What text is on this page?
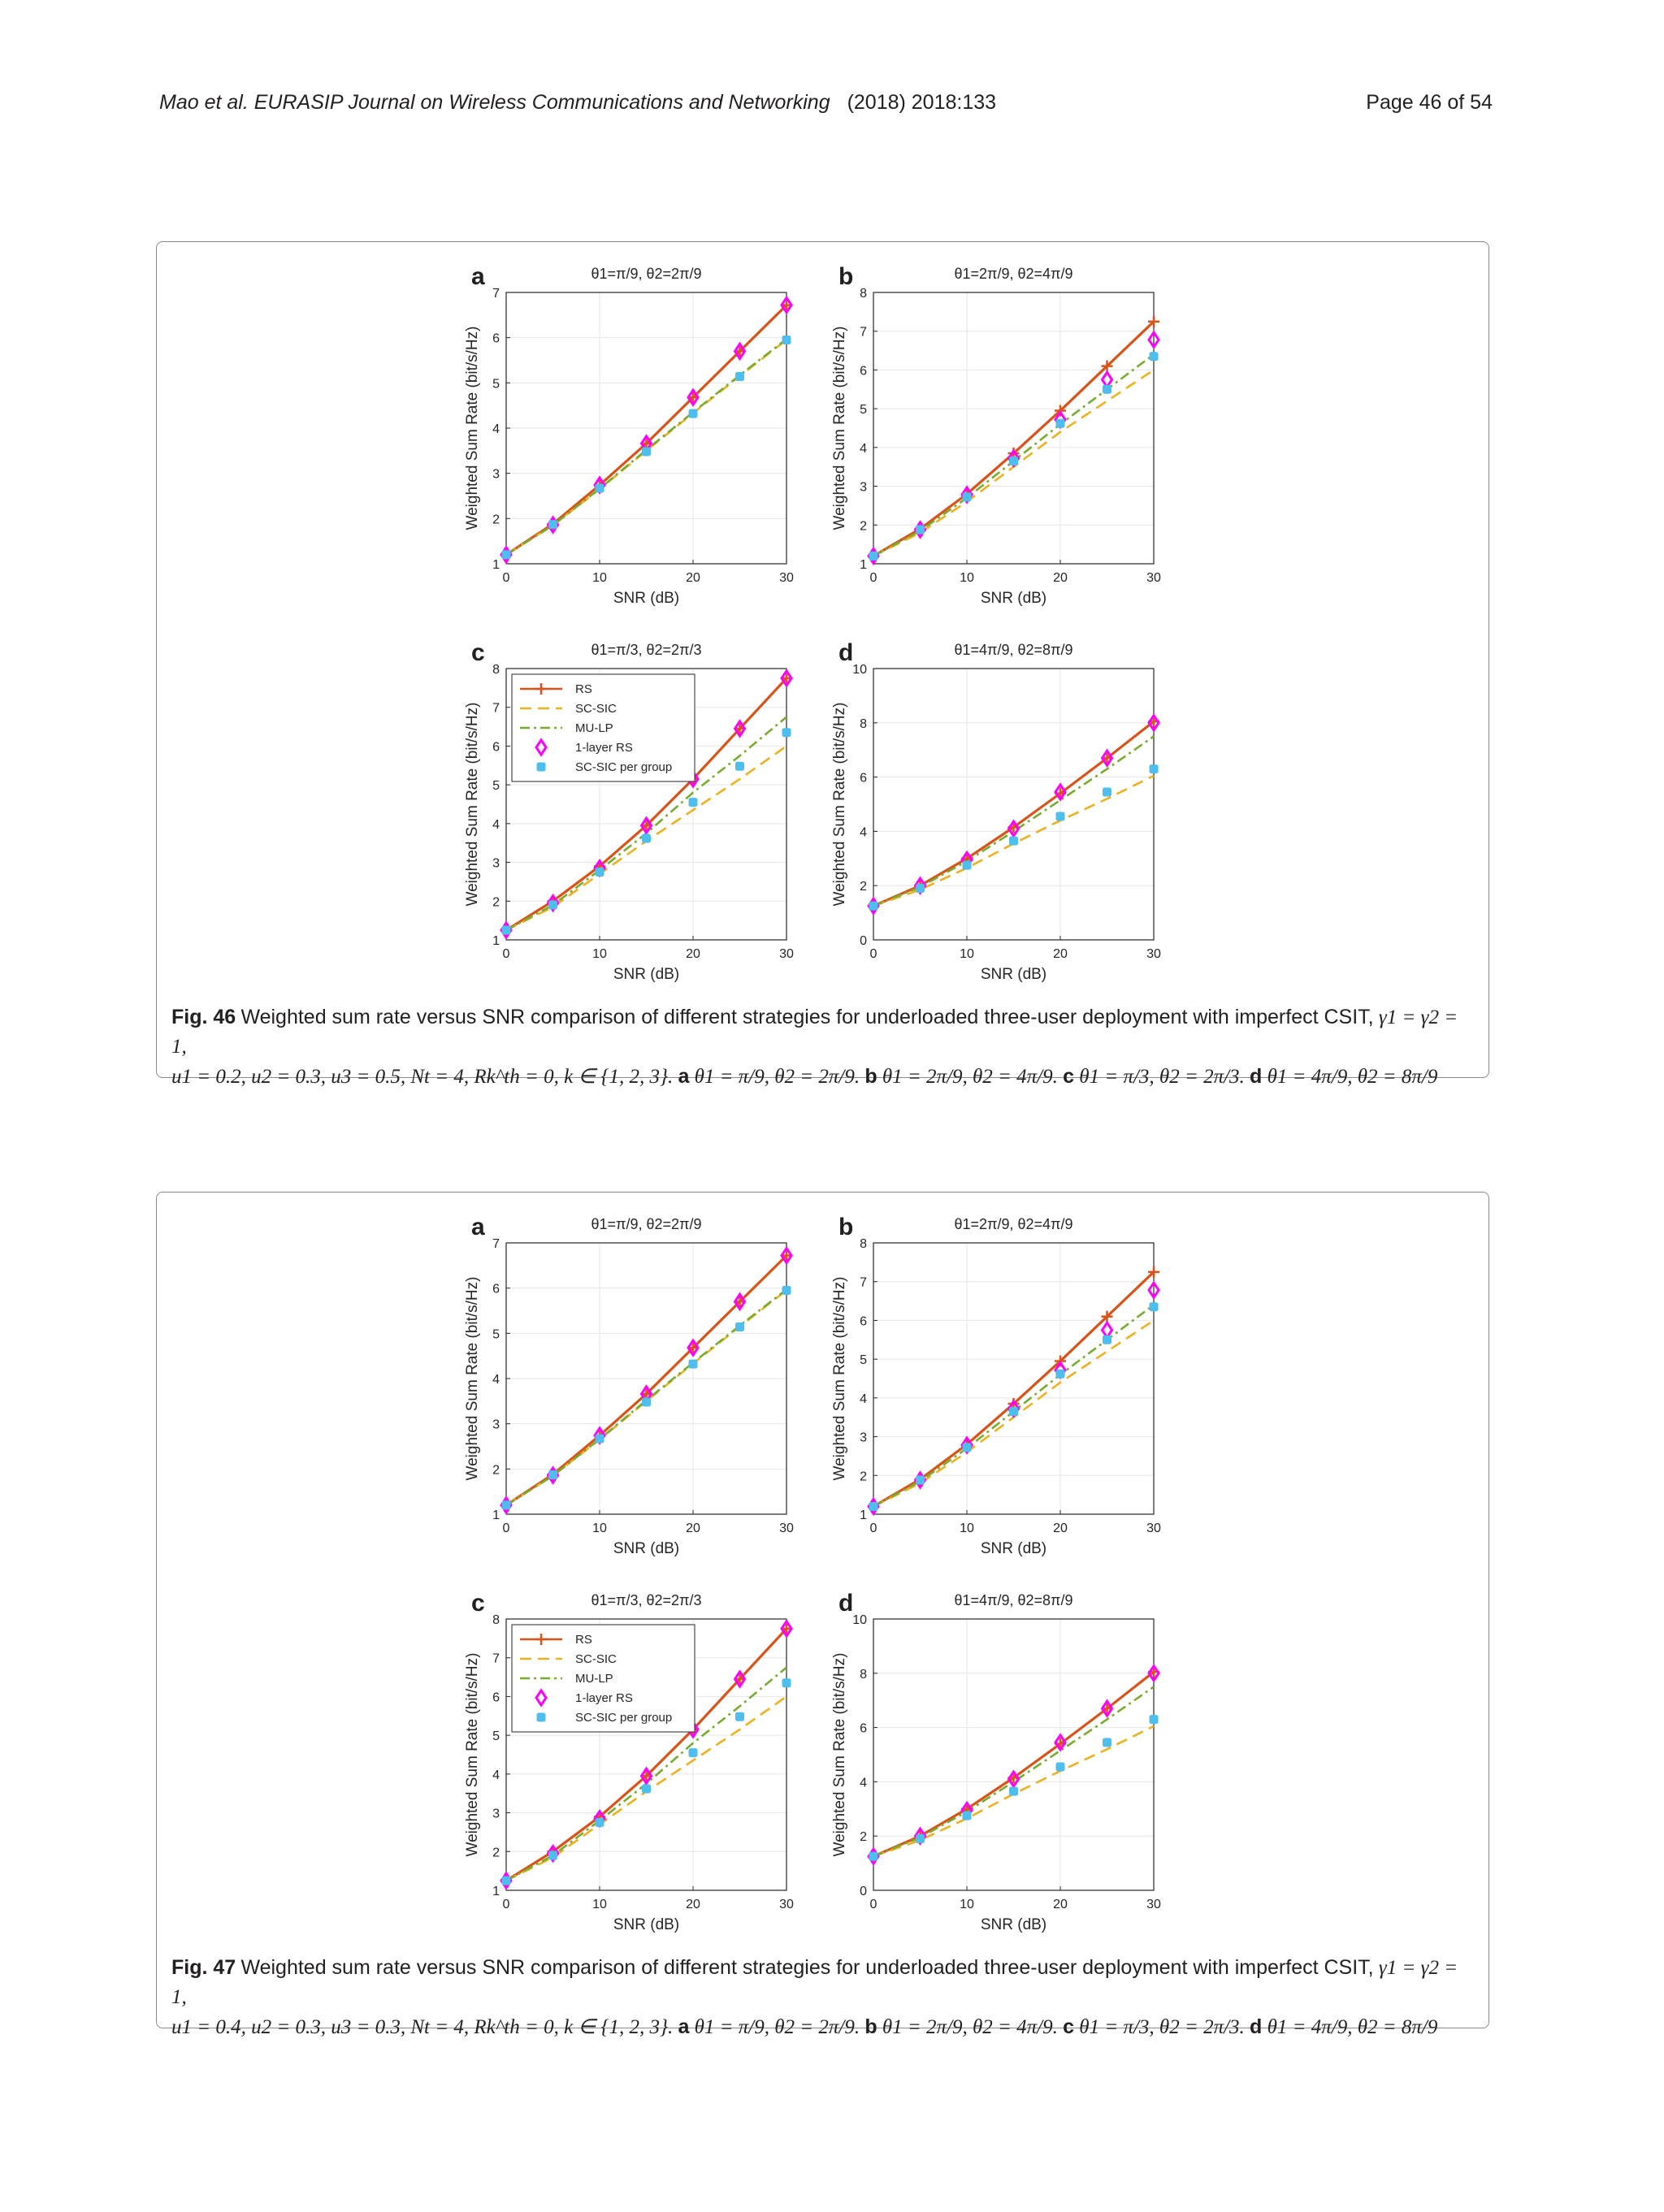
Mao et al. EURASIP Journal on Wireless Communications and Networking (2018) 2018:133	Page 46 of 54
1
2
3
4
5
6
7
0	10	20	30
SNR (dB)
Weighted Sum Rate (bit/s/Hz)
θ1=π/9, θ2=2π/9
a
1
2
3
4
5
6
7
8
0	10	20	30
SNR (dB)
Weighted Sum Rate (bit/s/Hz)
θ1=2π/9, θ2=4π/9
b
1
2
3
4
5
6
7
8
0	10	20	30
SNR (dB)
Weighted Sum Rate (bit/s/Hz)
θ1=π/3, θ2=2π/3
c
RS
SC-SIC
MU-LP
1-layer RS
SC-SIC per group
0
2
4
6
8
10
0	10	20	30
SNR (dB)
Weighted Sum Rate (bit/s/Hz)
θ1=4π/9, θ2=8π/9
d
Fig. 46 Weighted sum rate versus SNR comparison of different strategies for underloaded three-user deployment with imperfect CSIT, γ1 = γ2 = 1,
u1 = 0.2, u2 = 0.3, u3 = 0.5, Nt = 4, Rk^th = 0, k ∈ {1, 2, 3}. a θ1 = π/9, θ2 = 2π/9. b θ1 = 2π/9, θ2 = 4π/9. c θ1 = π/3, θ2 = 2π/3. d θ1 = 4π/9, θ2 = 8π/9
1
2
3
4
5
6
7
0	10	20	30
SNR (dB)
Weighted Sum Rate (bit/s/Hz)
θ1=π/9, θ2=2π/9
a
1
2
3
4
5
6
7
8
0	10	20	30
SNR (dB)
Weighted Sum Rate (bit/s/Hz)
θ1=2π/9, θ2=4π/9
b
1
2
3
4
5
6
7
8
0	10	20	30
SNR (dB)
Weighted Sum Rate (bit/s/Hz)
θ1=π/3, θ2=2π/3
c
RS
SC-SIC
MU-LP
1-layer RS
SC-SIC per group
0
2
4
6
8
10
0	10	20	30
SNR (dB)
Weighted Sum Rate (bit/s/Hz)
θ1=4π/9, θ2=8π/9
d
Fig. 47 Weighted sum rate versus SNR comparison of different strategies for underloaded three-user deployment with imperfect CSIT, γ1 = γ2 = 1,
u1 = 0.4, u2 = 0.3, u3 = 0.3, Nt = 4, Rk^th = 0, k ∈ {1, 2, 3}. a θ1 = π/9, θ2 = 2π/9. b θ1 = 2π/9, θ2 = 4π/9. c θ1 = π/3, θ2 = 2π/3. d θ1 = 4π/9, θ2 = 8π/9
